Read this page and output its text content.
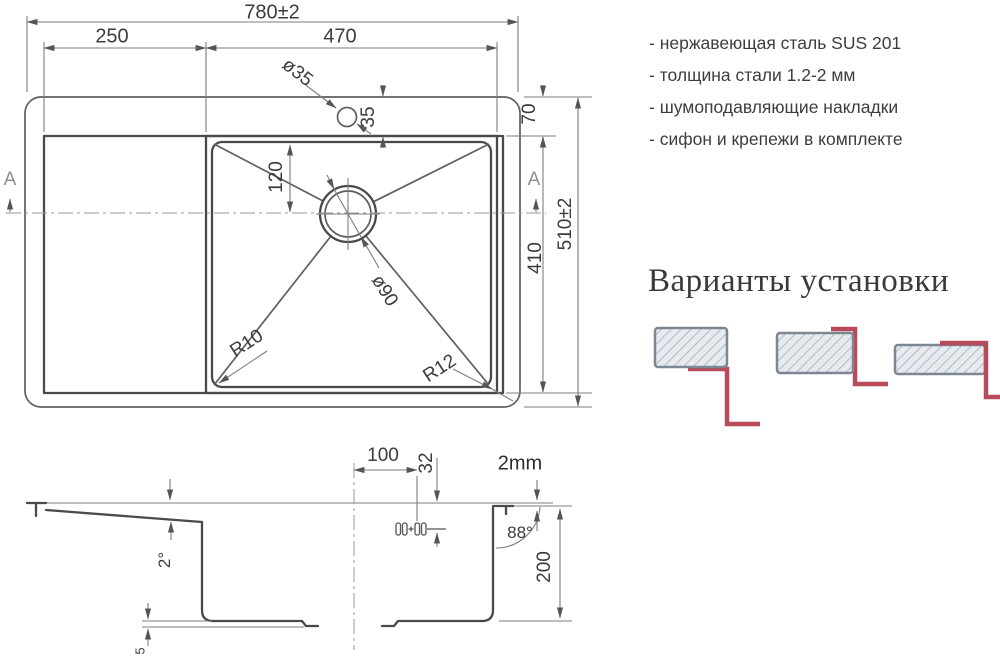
780±2
250	470
ø35
35	70
120
ø90
410
510±2
R10
R12
A	A
2°
5
100 32	2mm
88°
200
- нержавеющая сталь SUS 201
- толщина стали 1.2-2 мм
- шумоподавляющие накладки
- сифон и крепежи в комплекте
Варианты установки
